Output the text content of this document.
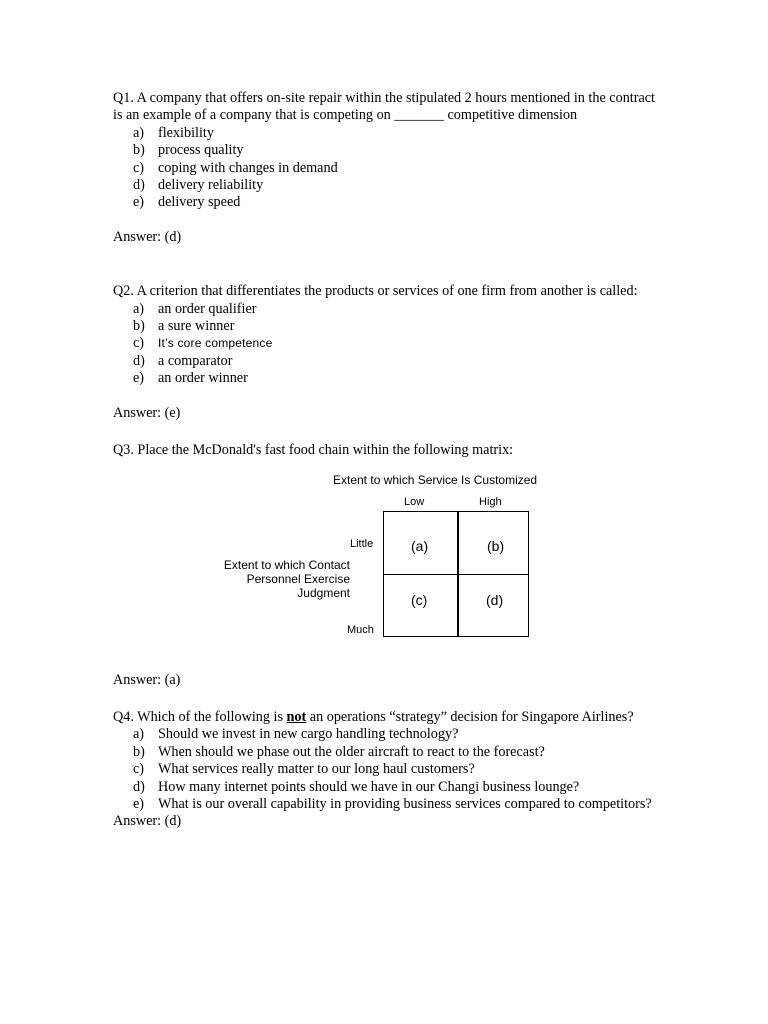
Q1. A company that offers on-site repair within the stipulated 2 hours mentioned in the contract is an example of a company that is competing on _______ competitive dimension

a) flexibility
b) process quality
c) coping with changes in demand
d) delivery reliability
e) delivery speed

Answer: (d)

Q2. A criterion that differentiates the products or services of one firm from another is called:

a) an order qualifier
b) a sure winner
c)	It’s core competence
d) a comparator
e) an order winner

Answer: (e)

Q3. Place the McDonald's fast food chain within the following matrix:

Extent to which Service Is Customized
Low	High
Little
Much
Extent to which Contact
Personnel Exercise
Judgment
(a)	(b)
(c)	(d)

Answer: (a)

Q4. Which of the following is not an operations “strategy” decision for Singapore Airlines?

a) Should we invest in new cargo handling technology?
b) When should we phase out the older aircraft to react to the forecast?
c) What services really matter to our long haul customers?
d) How many internet points should we have in our Changi business lounge?
e) What is our overall capability in providing business services compared to competitors?

Answer: (d)
